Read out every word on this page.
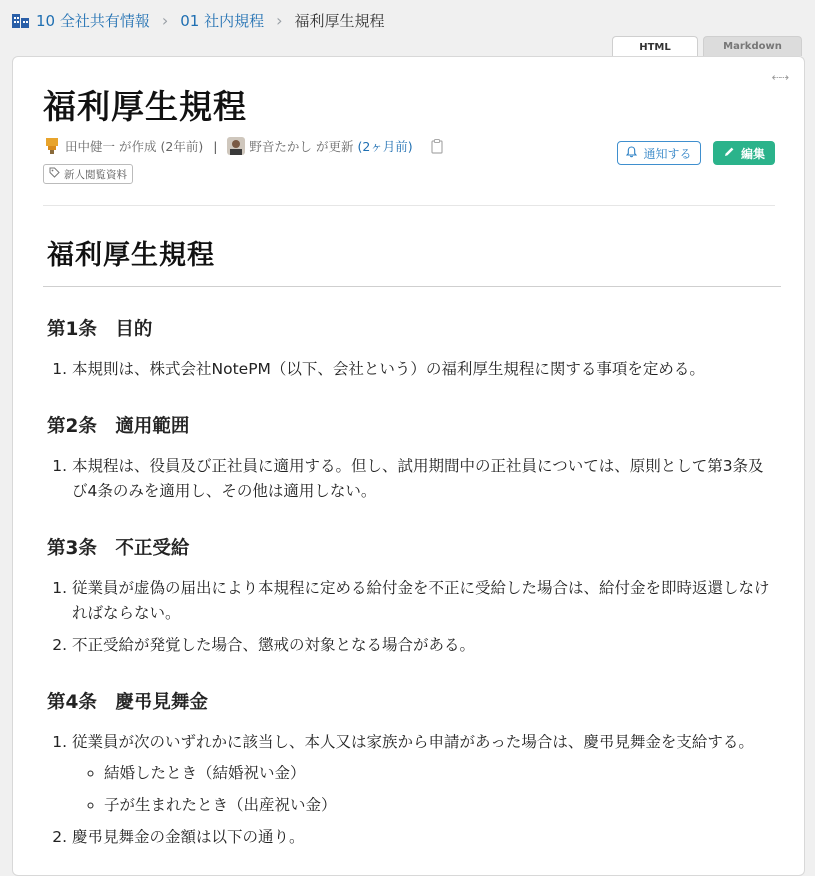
10 全社共有情報 › 01 社内規程 › 福利厚生規程
HTML	Markdown
⇠⇢
福利厚生規程
田中健一 が作成 (2年前) |	野音たかし が更新 (2ヶ月前)
新人閲覧資料
通知する	編集
福利厚生規程
第1条　目的
1. 本規則は、株式会社NotePM（以下、会社という）の福利厚生規程に関する事項を定める。
第2条　適用範囲
1. 本規程は、役員及び正社員に適用する。但し、試用期間中の正社員については、原則として第3条及び4条のみを適用し、その他は適用しない。
第3条　不正受給
1. 従業員が虚偽の届出により本規程に定める給付金を不正に受給した場合は、給付金を即時返還しなければならない。
2. 不正受給が発覚した場合、懲戒の対象となる場合がある。
第4条　慶弔見舞金
1. 従業員が次のいずれかに該当し、本人又は家族から申請があった場合は、慶弔見舞金を支給する。
◦ 結婚したとき（結婚祝い金）
◦ 子が生まれたとき（出産祝い金）
2. 慶弔見舞金の金額は以下の通り。
